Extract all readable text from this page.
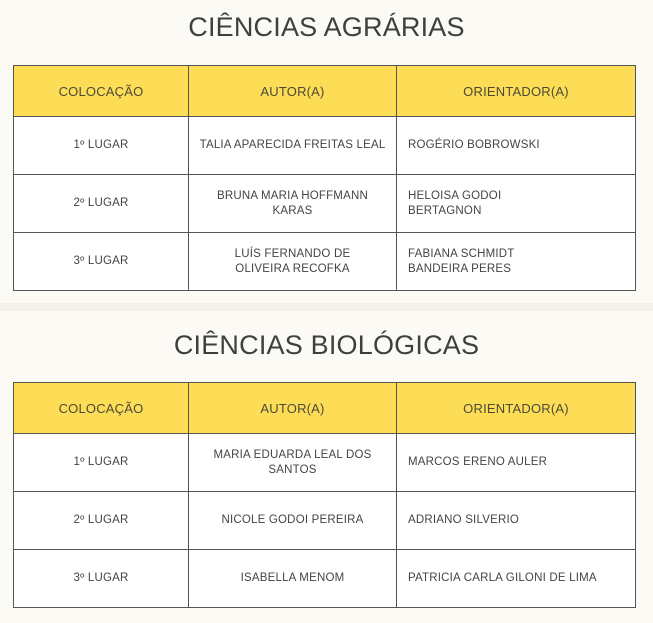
CIÊNCIAS AGRÁRIAS
COLOCAÇÃO	AUTOR(A)	ORIENTADOR(A)
1º LUGAR	TALIA APARECIDA FREITAS LEAL	ROGÉRIO BOBROWSKI
2º LUGAR	BRUNA MARIA HOFFMANN KARAS	HELOISA GODOI BERTAGNON
3º LUGAR	LUÍS FERNANDO DE OLIVEIRA RECOFKA	FABIANA SCHMIDT BANDEIRA PERES
CIÊNCIAS BIOLÓGICAS
COLOCAÇÃO	AUTOR(A)	ORIENTADOR(A)
1º LUGAR	MARIA EDUARDA LEAL DOS SANTOS	MARCOS ERENO AULER
2º LUGAR	NICOLE GODOI PEREIRA	ADRIANO SILVERIO
3º LUGAR	ISABELLA MENOM	PATRICIA CARLA GILONI DE LIMA
